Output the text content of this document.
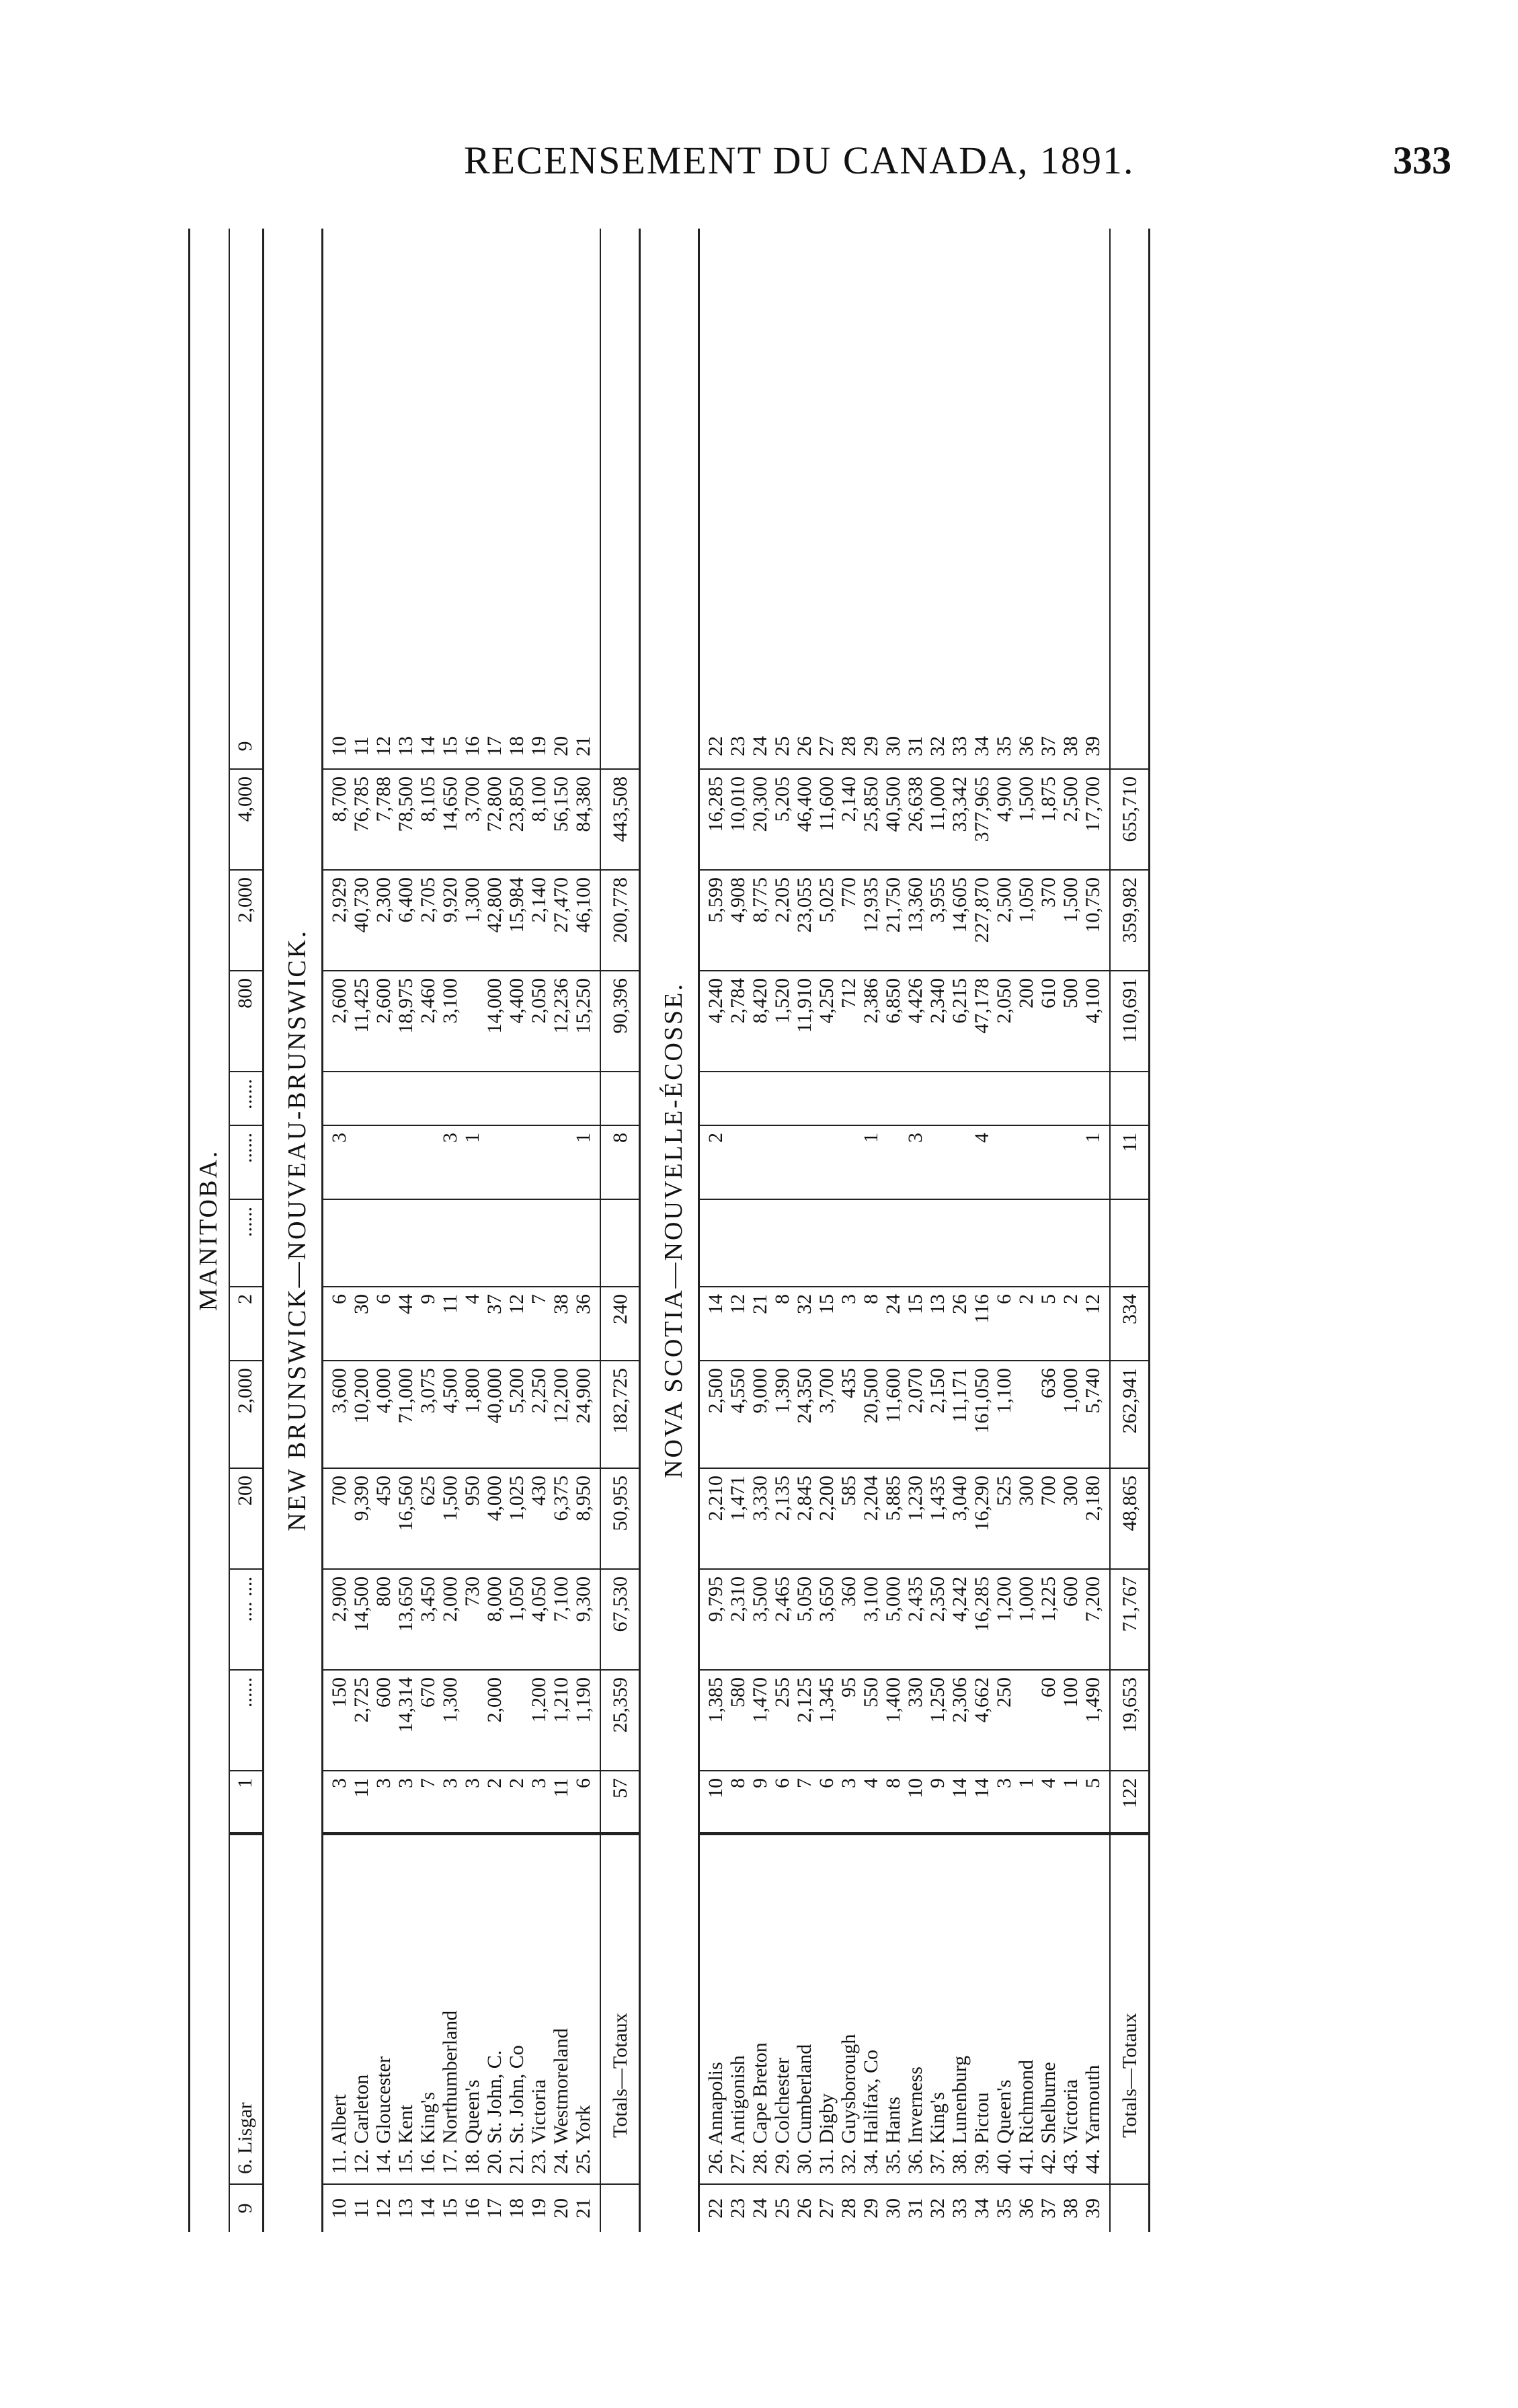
RECENSEMENT DU CANADA, 1891.	333
MANITOBA.
9
6. Lisgar
1
......
.... ....
200
2,000
2
......
......
......
800
2,000
4,000
9
NEW BRUNSWICK—NOUVEAU-BRUNSWICK.
10
11. Albert
3
150
2,900
700
3,600
6
3
2,600
2,929
8,700
10
11
12. Carleton
11
2,725
14,500
9,390
10,200
30
11,425
40,730
76,785
11
12
14. Gloucester
3
600
800
450
4,000
6
2,600
2,300
7,788
12
13
15. Kent
3
14,314
13,650
16,560
71,000
44
18,975
6,400
78,500
13
14
16. King's
7
670
3,450
625
3,075
9
2,460
2,705
8,105
14
15
17. Northumberland
3
1,300
2,000
1,500
4,500
11
3
3,100
9,920
14,650
15
16
18. Queen's
3
730
950
1,800
4
1
1,300
3,700
16
17
20. St. John, C.
2
2,000
8,000
4,000
40,000
37
14,000
42,800
72,800
17
18
21. St. John, Co
2
1,050
1,025
5,200
12
4,400
15,984
23,850
18
19
23. Victoria
3
1,200
4,050
430
2,250
7
2,050
2,140
8,100
19
20
24. Westmoreland
11
1,210
7,100
6,375
12,200
38
12,236
27,470
56,150
20
21
25. York
6
1,190
9,300
8,950
24,900
36
1
15,250
46,100
84,380
21
Totals—Totaux
57
25,359
67,530
50,955
182,725
240
8
90,396
200,778
443,508
NOVA SCOTIA—NOUVELLE-ÉCOSSE.
22
26. Annapolis
10
1,385
9,795
2,210
2,500
14
2
4,240
5,599
16,285
22
23
27. Antigonish
8
580
2,310
1,471
4,550
12
2,784
4,908
10,010
23
24
28. Cape Breton
9
1,470
3,500
3,330
9,000
21
8,420
8,775
20,300
24
25
29. Colchester
6
255
2,465
2,135
1,390
8
1,520
2,205
5,205
25
26
30. Cumberland
7
2,125
5,050
2,845
24,350
32
11,910
23,055
46,400
26
27
31. Digby
6
1,345
3,650
2,200
3,700
15
4,250
5,025
11,600
27
28
32. Guysborough
3
95
360
585
435
3
712
770
2,140
28
29
34. Halifax, Co
4
550
3,100
2,204
20,500
8
1
2,386
12,935
25,850
29
30
35. Hants
8
1,400
5,000
5,885
11,600
24
6,850
21,750
40,500
30
31
36. Inverness
10
330
2,435
1,230
2,070
15
3
4,426
13,360
26,638
31
32
37. King's
9
1,250
2,350
1,435
2,150
13
2,340
3,955
11,000
32
33
38. Lunenburg
14
2,306
4,242
3,040
11,171
26
6,215
14,605
33,342
33
34
39. Pictou
14
4,662
16,285
16,290
161,050
116
4
47,178
227,870
377,965
34
35
40. Queen's
3
250
1,200
525
1,100
6
2,050
2,500
4,900
35
36
41. Richmond
1
1,000
300
2
200
1,050
1,500
36
37
42. Shelburne
4
60
1,225
700
636
5
610
370
1,875
37
38
43. Victoria
1
100
600
300
1,000
2
500
1,500
2,500
38
39
44. Yarmouth
5
1,490
7,200
2,180
5,740
12
1
4,100
10,750
17,700
39
Totals—Totaux
122
19,653
71,767
48,865
262,941
334
11
110,691
359,982
655,710
